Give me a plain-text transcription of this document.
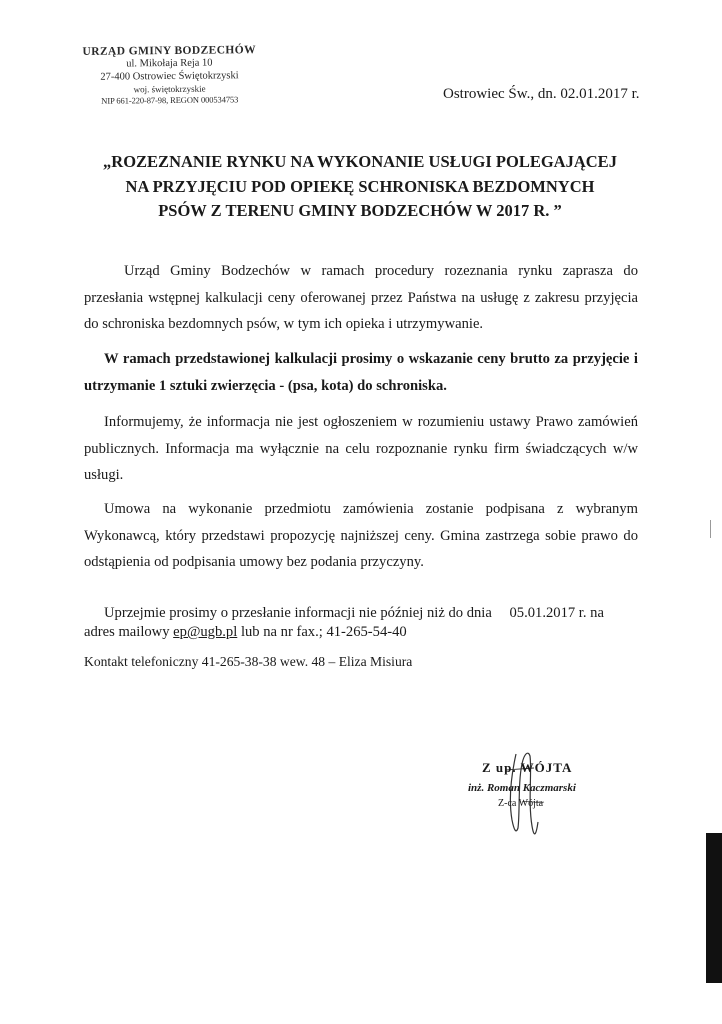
URZĄD GMINY BODZECHÓW
ul. Mikołaja Reja 10
27-400 Ostrowiec Świętokrzyski
woj. świętokrzyskie
NIP 661-220-87-98, REGON 000534753	Ostrowiec Św., dn. 02.01.2017 r.
„ROZEZNANIE RYNKU NA WYKONANIE USŁUGI POLEGAJĄCEJ
NA PRZYJĘCIU POD OPIEKĘ SCHRONISKA BEZDOMNYCH
PSÓW Z TERENU GMINY BODZECHÓW W 2017 R. ”

Urząd Gminy Bodzechów w ramach procedury rozeznania rynku zaprasza do przesłania wstępnej kalkulacji ceny oferowanej przez Państwa na usługę z zakresu przyjęcia do schroniska bezdomnych psów, w tym ich opieka i utrzymywanie.

W ramach przedstawionej kalkulacji prosimy o wskazanie ceny brutto za przyjęcie i utrzymanie 1 sztuki zwierzęcia - (psa, kota) do schroniska.

Informujemy, że informacja nie jest ogłoszeniem w rozumieniu ustawy Prawo zamówień publicznych. Informacja ma wyłącznie na celu rozpoznanie rynku firm świadczących w/w usługi.

Umowa na wykonanie przedmiotu zamówienia zostanie podpisana z wybranym Wykonawcą, który przedstawi propozycję najniższej ceny. Gmina zastrzega sobie prawo do odstąpienia od podpisania umowy bez podania przyczyny.

Uprzejmie prosimy o przesłanie informacji nie później niż do dnia 05.01.2017 r. na adres mailowy ep@ugb.pl lub na nr fax.; 41-265-54-40

Kontakt telefoniczny 41-265-38-38 wew. 48 – Eliza Misiura
Z up. WÓJTA
inż. Roman Kaczmarski
Z-ca Wójta
